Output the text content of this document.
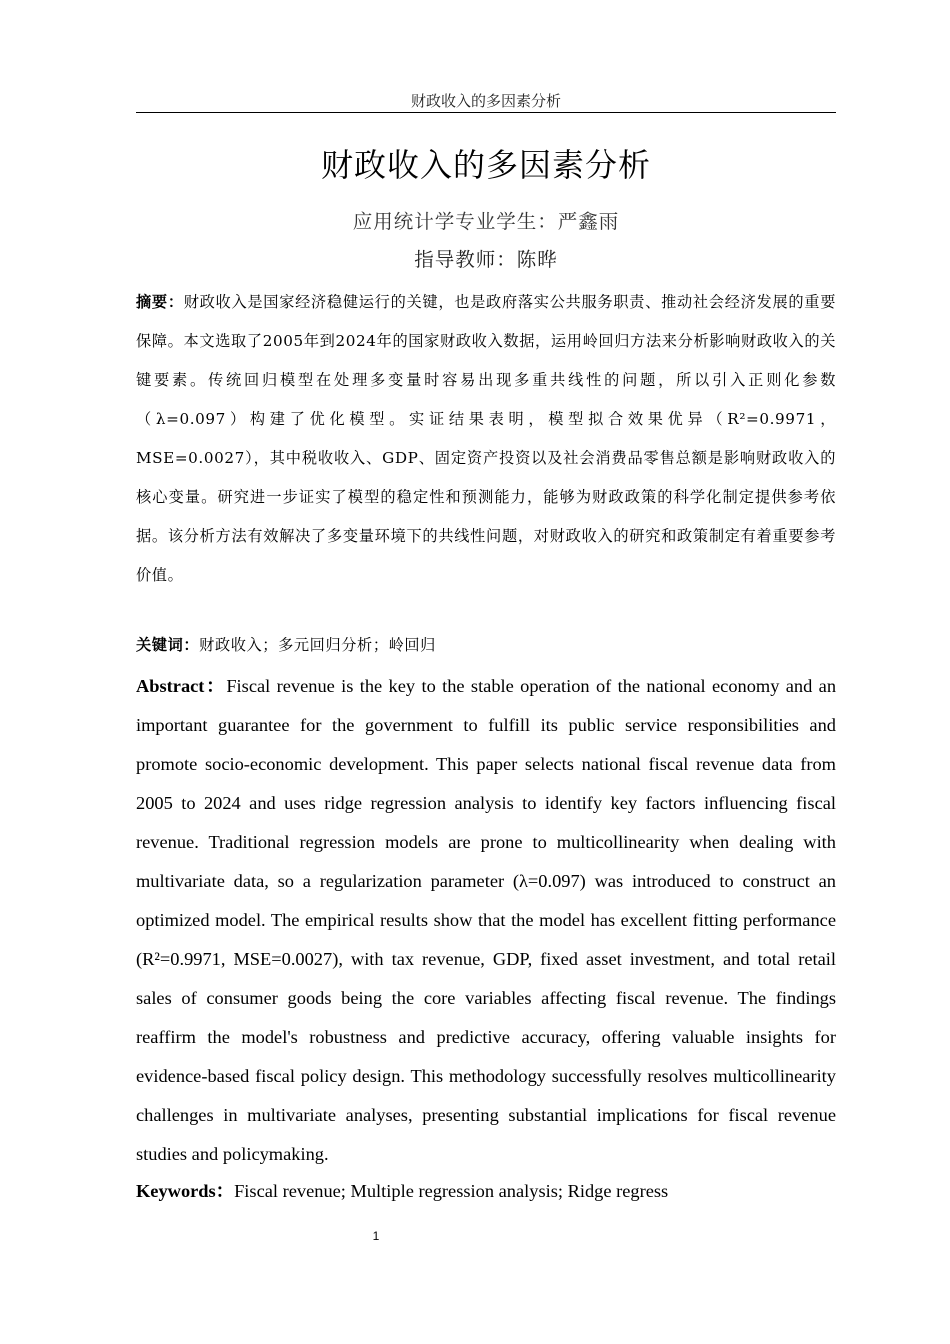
财政收入的多因素分析
财政收入的多因素分析
应用统计学专业学生：严鑫雨
指导教师：陈晔
摘要：财政收入是国家经济稳健运行的关键，也是政府落实公共服务职责、推动社会经济发展的重要保障。本文选取了2005年到2024年的国家财政收入数据，运用岭回归方法来分析影响财政收入的关键要素。传统回归模型在处理多变量时容易出现多重共线性的问题，所以引入正则化参数（λ=0.097）构建了优化模型。实证结果表明，模型拟合效果优异（R²=0.9971，MSE=0.0027），其中税收收入、GDP、固定资产投资以及社会消费品零售总额是影响财政收入的核心变量。研究进一步证实了模型的稳定性和预测能力，能够为财政政策的科学化制定提供参考依据。该分析方法有效解决了多变量环境下的共线性问题，对财政收入的研究和政策制定有着重要参考价值。
关键词：财政收入；多元回归分析；岭回归
Abstract：Fiscal revenue is the key to the stable operation of the national economy and an important guarantee for the government to fulfill its public service responsibilities and promote socio-economic development. This paper selects national fiscal revenue data from 2005 to 2024 and uses ridge regression analysis to identify key factors influencing fiscal revenue. Traditional regression models are prone to multicollinearity when dealing with multivariate data, so a regularization parameter (λ=0.097) was introduced to construct an optimized model. The empirical results show that the model has excellent fitting performance (R²=0.9971, MSE=0.0027), with tax revenue, GDP, fixed asset investment, and total retail sales of consumer goods being the core variables affecting fiscal revenue. The findings reaffirm the model's robustness and predictive accuracy, offering valuable insights for evidence-based fiscal policy design. This methodology successfully resolves multicollinearity challenges in multivariate analyses, presenting substantial implications for fiscal revenue studies and policymaking.
Keywords：Fiscal revenue; Multiple regression analysis; Ridge regress
1
